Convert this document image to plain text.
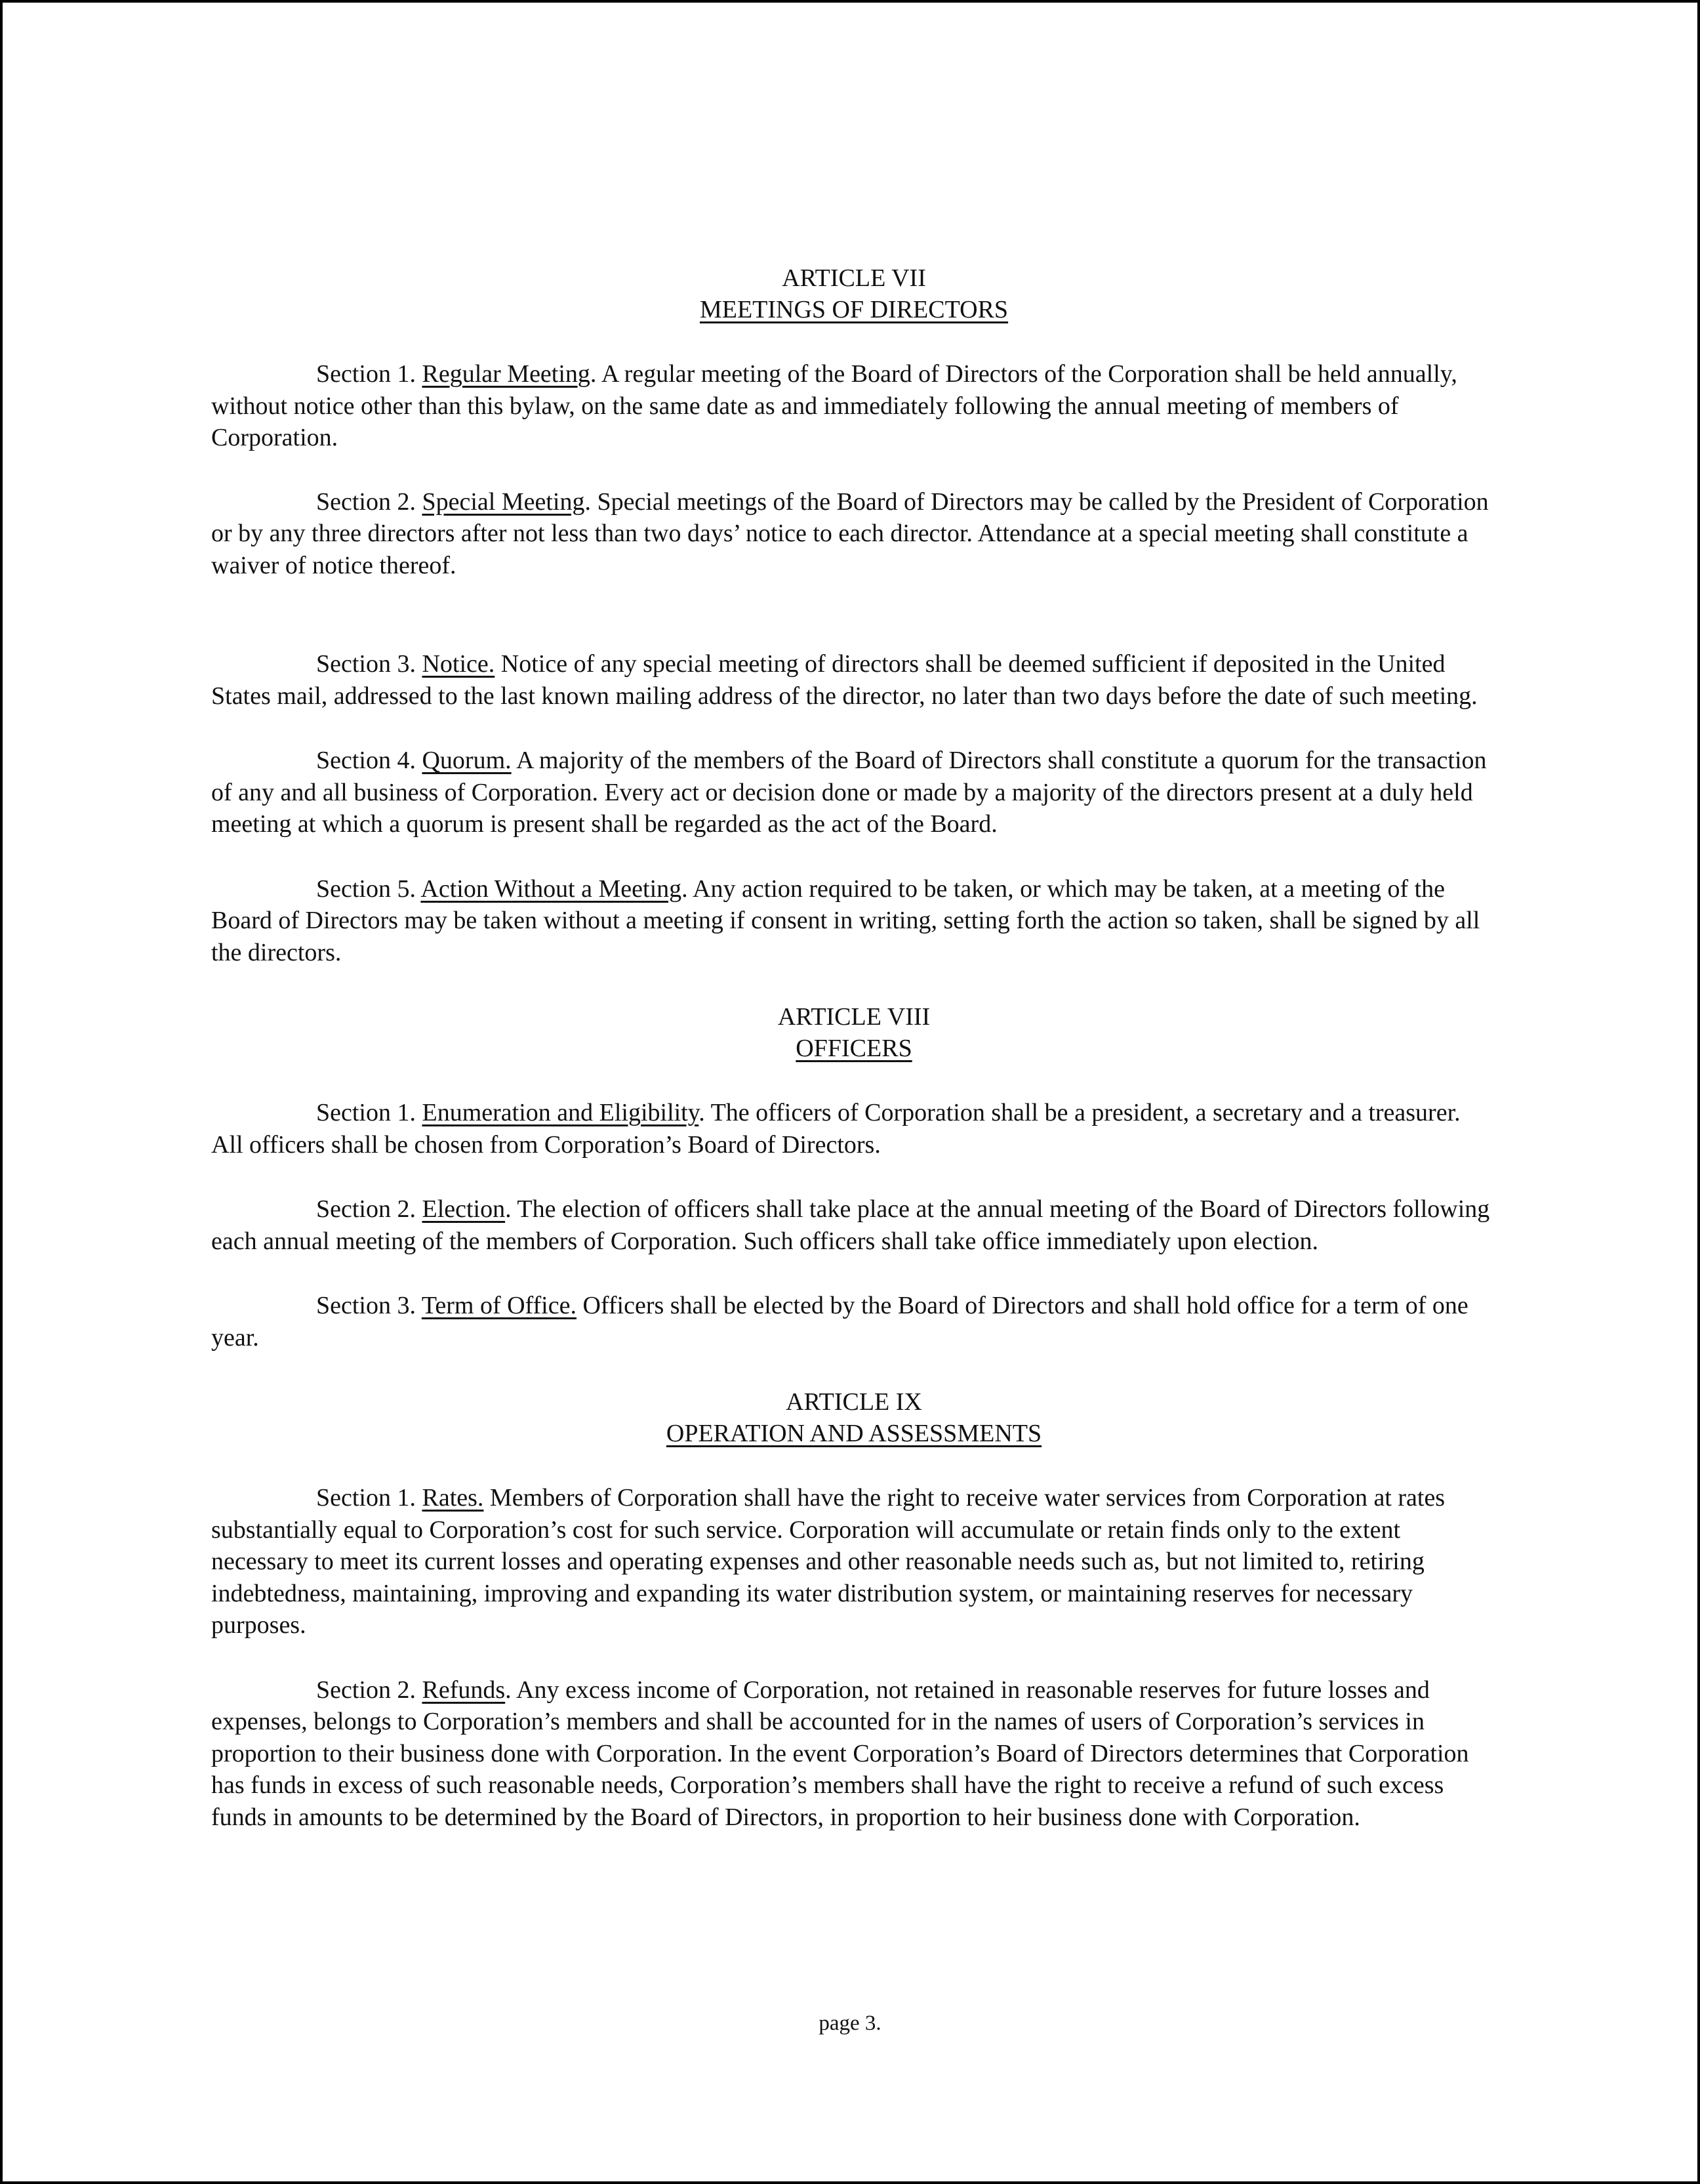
ARTICLE VII
MEETINGS OF DIRECTORS

Section 1. Regular Meeting. A regular meeting of the Board of Directors of the Corporation shall be held annually, without notice other than this bylaw, on the same date as and immediately following the annual meeting of members of Corporation.

Section 2. Special Meeting. Special meetings of the Board of Directors may be called by the President of Corporation or by any three directors after not less than two days’ notice to each director. Attendance at a special meeting shall constitute a waiver of notice thereof.

Section 3. Notice. Notice of any special meeting of directors shall be deemed sufficient if deposited in the United States mail, addressed to the last known mailing address of the director, no later than two days before the date of such meeting.

Section 4. Quorum. A majority of the members of the Board of Directors shall constitute a quorum for the transaction of any and all business of Corporation. Every act or decision done or made by a majority of the directors present at a duly held meeting at which a quorum is present shall be regarded as the act of the Board.

Section 5. Action Without a Meeting. Any action required to be taken, or which may be taken, at a meeting of the Board of Directors may be taken without a meeting if consent in writing, setting forth the action so taken, shall be signed by all the directors.

ARTICLE VIII
OFFICERS

Section 1. Enumeration and Eligibility. The officers of Corporation shall be a president, a secretary and a treasurer. All officers shall be chosen from Corporation’s Board of Directors.

Section 2. Election. The election of officers shall take place at the annual meeting of the Board of Directors following each annual meeting of the members of Corporation. Such officers shall take office immediately upon election.

Section 3. Term of Office. Officers shall be elected by the Board of Directors and shall hold office for a term of one year.

ARTICLE IX
OPERATION AND ASSESSMENTS

Section 1. Rates. Members of Corporation shall have the right to receive water services from Corporation at rates substantially equal to Corporation’s cost for such service. Corporation will accumulate or retain finds only to the extent necessary to meet its current losses and operating expenses and other reasonable needs such as, but not limited to, retiring indebtedness, maintaining, improving and expanding its water distribution system, or maintaining reserves for necessary purposes.

Section 2. Refunds. Any excess income of Corporation, not retained in reasonable reserves for future losses and expenses, belongs to Corporation’s members and shall be accounted for in the names of users of Corporation’s services in proportion to their business done with Corporation. In the event Corporation’s Board of Directors determines that Corporation has funds in excess of such reasonable needs, Corporation’s members shall have the right to receive a refund of such excess funds in amounts to be determined by the Board of Directors, in proportion to heir business done with Corporation.

page 3.
